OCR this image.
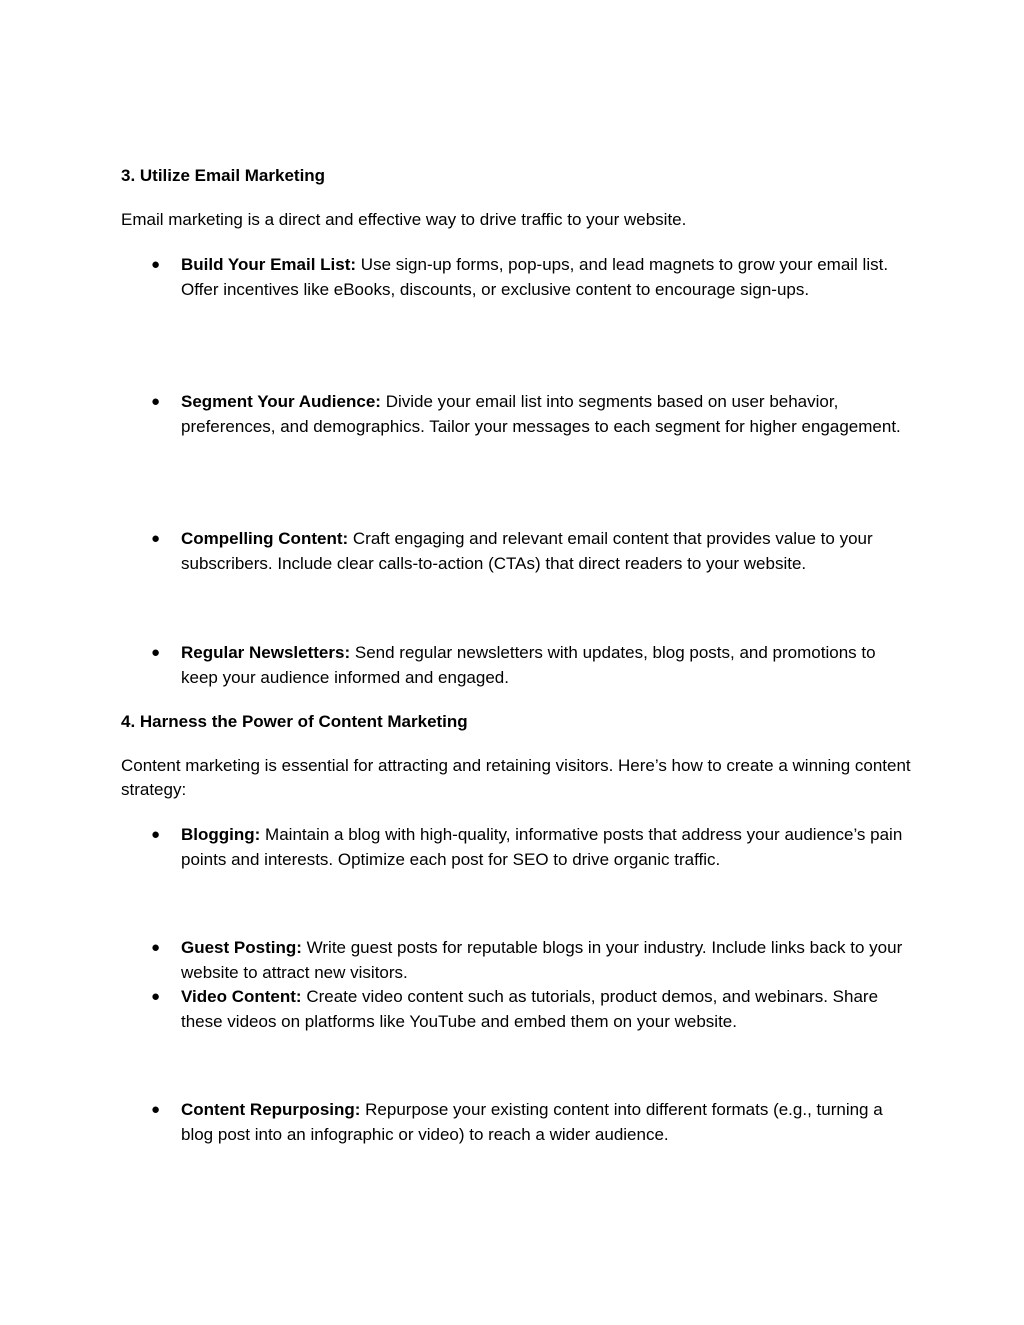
3. Utilize Email Marketing
Email marketing is a direct and effective way to drive traffic to your website.
●	Build Your Email List: Use sign-up forms, pop-ups, and lead magnets to grow your email list. Offer incentives like eBooks, discounts, or exclusive content to encourage sign-ups.
●	Segment Your Audience: Divide your email list into segments based on user behavior, preferences, and demographics. Tailor your messages to each segment for higher engagement.
●	Compelling Content: Craft engaging and relevant email content that provides value to your subscribers. Include clear calls-to-action (CTAs) that direct readers to your website.
●	Regular Newsletters: Send regular newsletters with updates, blog posts, and promotions to keep your audience informed and engaged.
4. Harness the Power of Content Marketing
Content marketing is essential for attracting and retaining visitors. Here’s how to create a winning content strategy:
●	Blogging: Maintain a blog with high-quality, informative posts that address your audience’s pain points and interests. Optimize each post for SEO to drive organic traffic.
●	Guest Posting: Write guest posts for reputable blogs in your industry. Include links back to your website to attract new visitors.
●	Video Content: Create video content such as tutorials, product demos, and webinars. Share these videos on platforms like YouTube and embed them on your website.
●	Content Repurposing: Repurpose your existing content into different formats (e.g., turning a blog post into an infographic or video) to reach a wider audience.
